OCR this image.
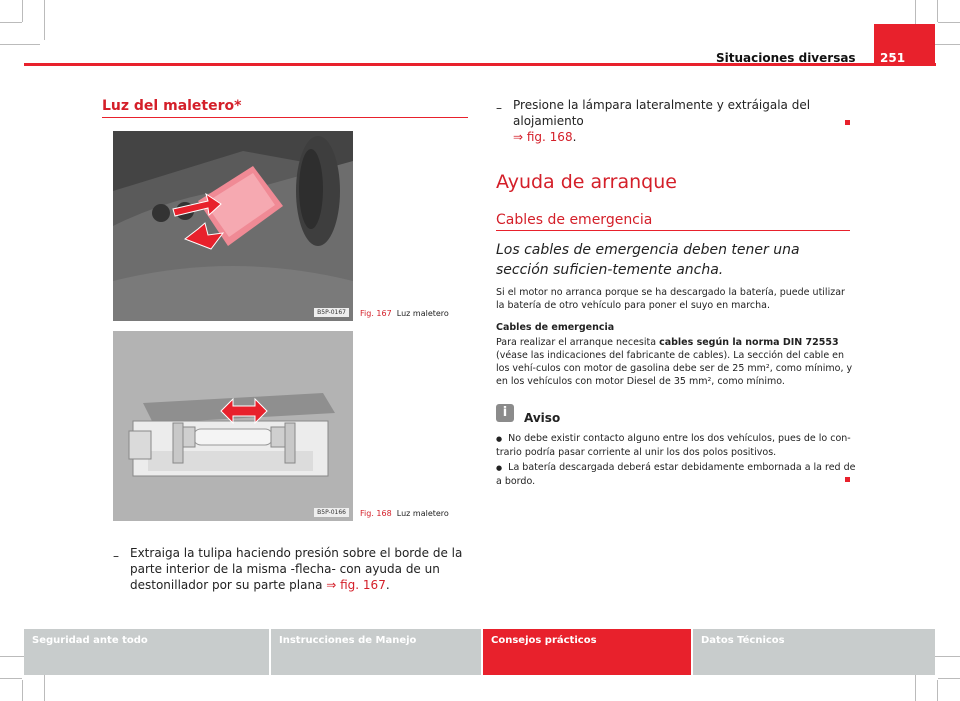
Situaciones diversas 251
Luz del maletero*
B5P-0167	Fig. 167 Luz maletero
B5P-0166	Fig. 168 Luz maletero
– Extraiga la tulipa haciendo presión sobre el borde de la parte interior de la misma -flecha- con ayuda de un destonillador por su parte plana ⇒ fig. 167.
– Presione la lámpara lateralmente y extráigala del alojamiento
⇒ fig. 168.
Ayuda de arranque
Cables de emergencia
Los cables de emergencia deben tener una sección suficien-temente ancha.
Si el motor no arranca porque se ha descargado la batería, puede utilizar la batería de otro vehículo para poner el suyo en marcha.
Cables de emergencia
Para realizar el arranque necesita cables según la norma DIN 72553 (véase las indicaciones del fabricante de cables). La sección del cable en los vehí-culos con motor de gasolina debe ser de 25 mm², como mínimo, y en los vehículos con motor Diesel de 35 mm², como mínimo.
i	Aviso
● No debe existir contacto alguno entre los dos vehículos, pues de lo con-trario podría pasar corriente al unir los dos polos positivos.
● La batería descargada deberá estar debidamente embornada a la red de a bordo.
Seguridad ante todo	Instrucciones de Manejo	Consejos prácticos	Datos Técnicos
